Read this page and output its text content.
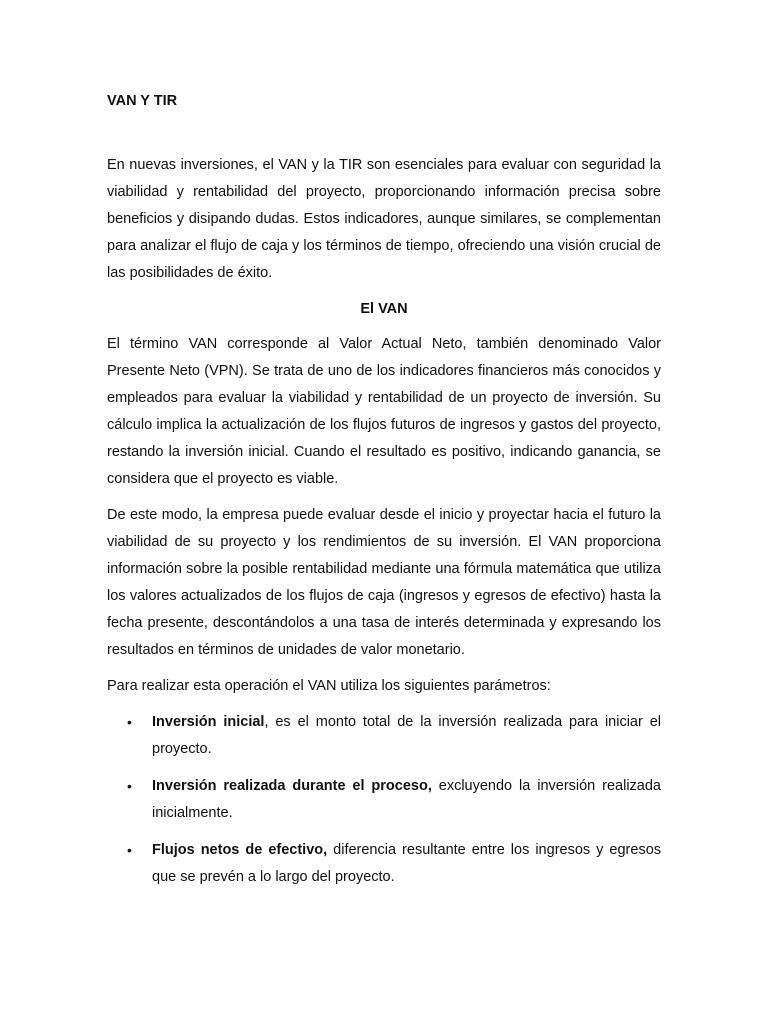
VAN Y TIR

En nuevas inversiones, el VAN y la TIR son esenciales para evaluar con seguridad la viabilidad y rentabilidad del proyecto, proporcionando información precisa sobre beneficios y disipando dudas. Estos indicadores, aunque similares, se complementan para analizar el flujo de caja y los términos de tiempo, ofreciendo una visión crucial de las posibilidades de éxito.

El VAN

El término VAN corresponde al Valor Actual Neto, también denominado Valor Presente Neto (VPN). Se trata de uno de los indicadores financieros más conocidos y empleados para evaluar la viabilidad y rentabilidad de un proyecto de inversión. Su cálculo implica la actualización de los flujos futuros de ingresos y gastos del proyecto, restando la inversión inicial. Cuando el resultado es positivo, indicando ganancia, se considera que el proyecto es viable.

De este modo, la empresa puede evaluar desde el inicio y proyectar hacia el futuro la viabilidad de su proyecto y los rendimientos de su inversión. El VAN proporciona información sobre la posible rentabilidad mediante una fórmula matemática que utiliza los valores actualizados de los flujos de caja (ingresos y egresos de efectivo) hasta la fecha presente, descontándolos a una tasa de interés determinada y expresando los resultados en términos de unidades de valor monetario.

Para realizar esta operación el VAN utiliza los siguientes parámetros:

• Inversión inicial, es el monto total de la inversión realizada para iniciar el proyecto.
• Inversión realizada durante el proceso, excluyendo la inversión realizada inicialmente.
• Flujos netos de efectivo, diferencia resultante entre los ingresos y egresos que se prevén a lo largo del proyecto.
